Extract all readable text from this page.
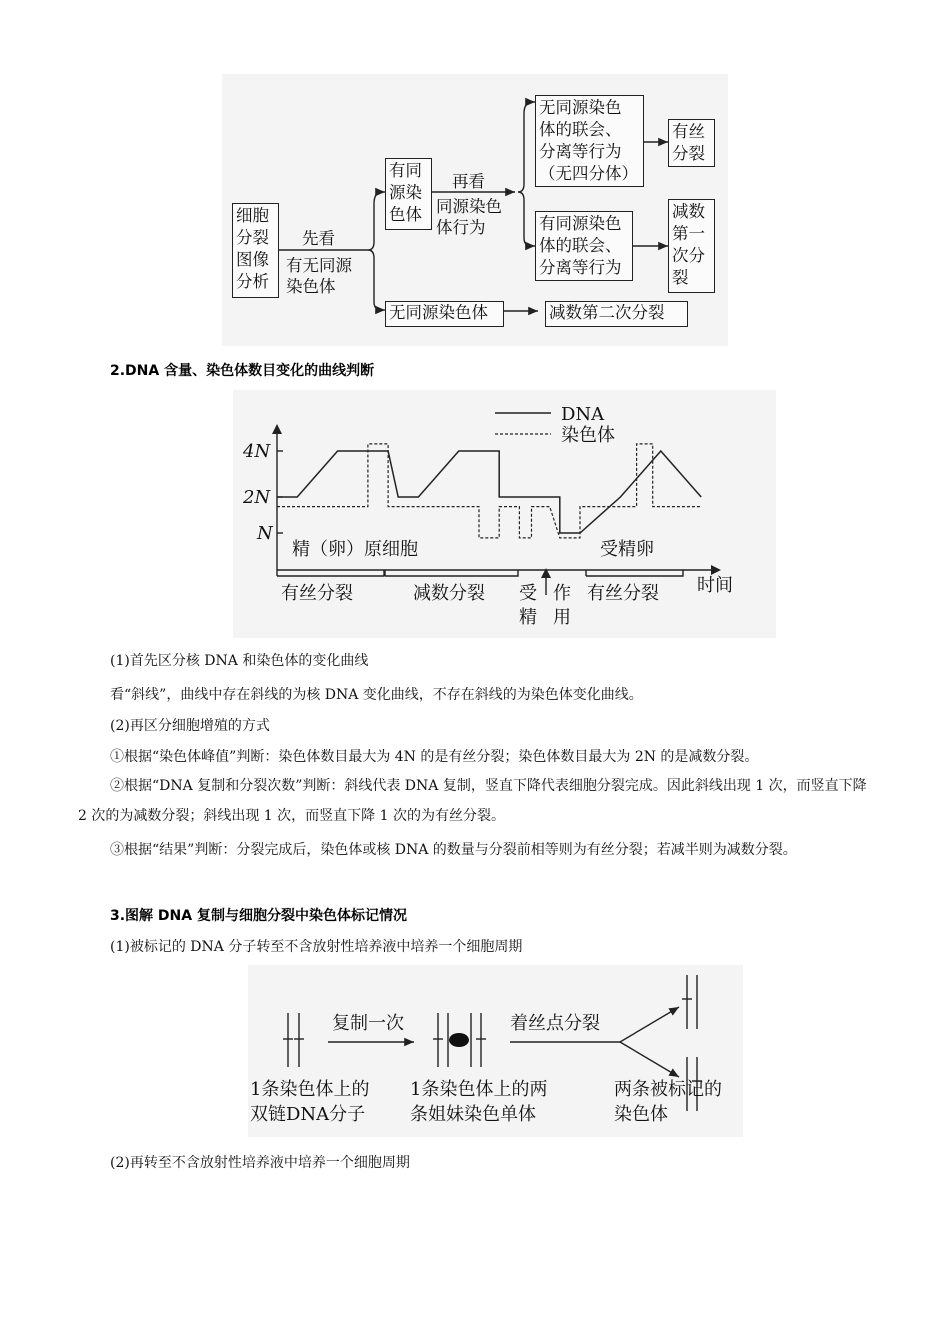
细胞
分裂
图像
分析
先看
有无同源
染色体
有同
源染
色体
再看
同源染色
体行为
无同源染色
体的联会、
分离等行为
（无四分体）
有丝
分裂
有同源染色
体的联会、
分离等行为
减数
第一
次分
裂
无同源染色体	减数第二次分裂
2.DNA 含量、染色体数目变化的曲线判断
DNA
染色体
4N
2N
N
精（卵）原细胞	受精卵
有丝分裂	减数分裂 受
精
作
用
有丝分裂 时间
(1)首先区分核 DNA 和染色体的变化曲线
看“斜线”，曲线中存在斜线的为核 DNA 变化曲线，不存在斜线的为染色体变化曲线。
(2)再区分细胞增殖的方式
①根据“染色体峰值”判断：染色体数目最大为 4N 的是有丝分裂；染色体数目最大为 2N 的是减数分裂。
②根据“DNA 复制和分裂次数”判断：斜线代表 DNA 复制，竖直下降代表细胞分裂完成。因此斜线出现 1 次，而竖直下降 2 次的为减数分裂；斜线出现 1 次，而竖直下降 1 次的为有丝分裂。
③根据“结果”判断：分裂完成后，染色体或核 DNA 的数量与分裂前相等则为有丝分裂；若减半则为减数分裂。
3.图解 DNA 复制与细胞分裂中染色体标记情况
(1)被标记的 DNA 分子转至不含放射性培养液中培养一个细胞周期
复制一次	着丝点分裂
1条染色体上的
双链DNA分子
1条染色体上的两
条姐妹染色单体
两条被标记的
染色体
(2)再转至不含放射性培养液中培养一个细胞周期
